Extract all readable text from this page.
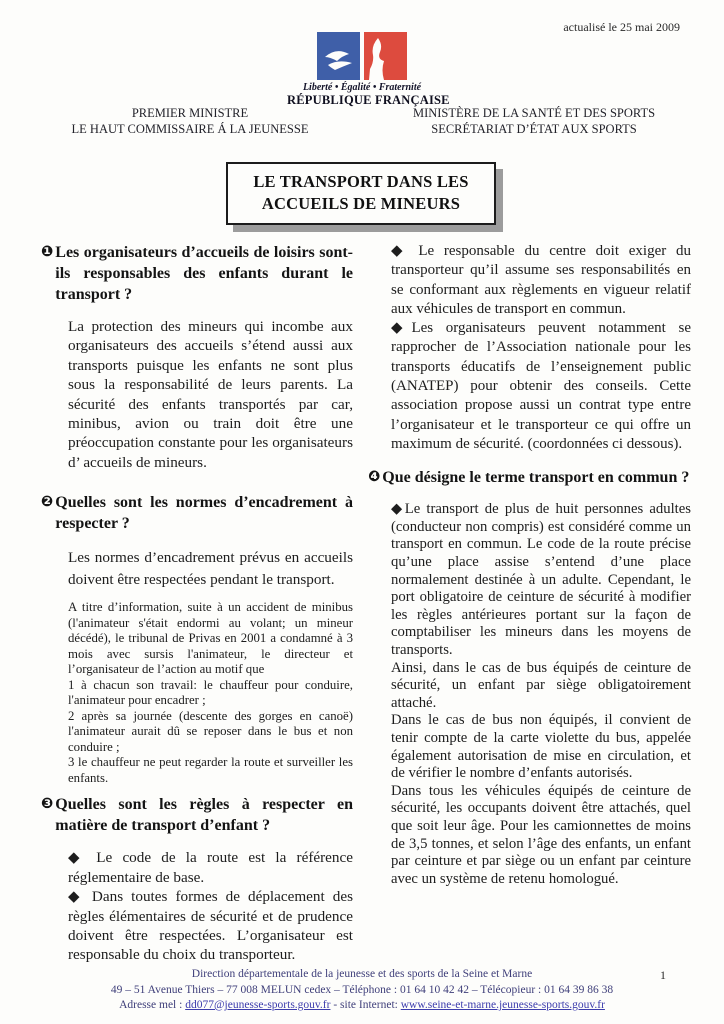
actualisé le 25 mai 2009
Liberté • Égalité • Fraternité
RÉPUBLIQUE FRANÇAISE
PREMIER MINISTRE
LE HAUT COMMISSAIRE Á LA JEUNESSE
MINISTÈRE DE LA SANTÉ ET DES SPORTS
SECRÉTARIAT D’ÉTAT AUX SPORTS
LE TRANSPORT DANS LES
ACCUEILS DE MINEURS
❶ Les organisateurs d’accueils de loisirs sont-ils responsables des enfants durant le transport ?

La protection des mineurs qui incombe aux organisateurs des accueils s’étend aussi aux transports puisque les enfants ne sont plus sous la responsabilité de leurs parents. La sécurité des enfants transportés par car, minibus, avion ou train doit être une préoccupation constante pour les organisateurs d’ accueils de mineurs.

❷ Quelles sont les normes d’encadrement à respecter ?

Les normes d’encadrement prévus en accueils doivent être respectées pendant le transport.

A titre d’information, suite à un accident de minibus (l'animateur s'était endormi au volant; un mineur décédé), le tribunal de Privas en 2001 a condamné à 3 mois avec sursis l'animateur, le directeur et l’organisateur de l’action au motif que

1 à chacun son travail: le chauffeur pour conduire, l'animateur pour encadrer ;

2 après sa journée (descente des gorges en canoë) l'animateur aurait dû se reposer dans le bus et non conduire ;

3 le chauffeur ne peut regarder la route et surveiller les enfants.

❸ Quelles sont les règles à respecter en matière de transport d’enfant ?

◆ Le code de la route est la référence réglementaire de base.

◆ Dans toutes formes de déplacement des règles élémentaires de sécurité et de prudence doivent être respectées. L’organisateur est responsable du choix du transporteur.

◆ Le responsable du centre doit exiger du transporteur qu’il assume ses responsabilités en se conformant aux règlements en vigueur relatif aux véhicules de transport en commun.

◆Les organisateurs peuvent notamment se rapprocher de l’Association nationale pour les transports éducatifs de l’enseignement public (ANATEP) pour obtenir des conseils. Cette association propose aussi un contrat type entre l’organisateur et le transporteur ce qui offre un maximum de sécurité. (coordonnées ci dessous).

❹ Que désigne le terme transport en commun ?

◆Le transport de plus de huit personnes adultes (conducteur non compris) est considéré comme un transport en commun. Le code de la route précise qu’une place assise s’entend d’une place normalement destinée à un adulte. Cependant, le port obligatoire de ceinture de sécurité à modifier les règles antérieures portant sur la façon de comptabiliser les mineurs dans les moyens de transports.

Ainsi, dans le cas de bus équipés de ceinture de sécurité, un enfant par siège obligatoirement attaché.

Dans le cas de bus non équipés, il convient de tenir compte de la carte violette du bus, appelée également autorisation de mise en circulation, et de vérifier le nombre d’enfants autorisés.

Dans tous les véhicules équipés de ceinture de sécurité, les occupants doivent être attachés, quel que soit leur âge. Pour les camionnettes de moins de 3,5 tonnes, et selon l’âge des enfants, un enfant par ceinture et par siège ou un enfant par ceinture avec un système de retenu homologué.

Direction départementale de la jeunesse et des sports de la Seine et Marne
49 – 51 Avenue Thiers – 77 008 MELUN cedex – Téléphone : 01 64 10 42 42 – Télécopieur : 01 64 39 86 38
Adresse mel : dd077@jeunesse-sports.gouv.fr - site Internet: www.seine-et-marne.jeunesse-sports.gouv.fr
1
